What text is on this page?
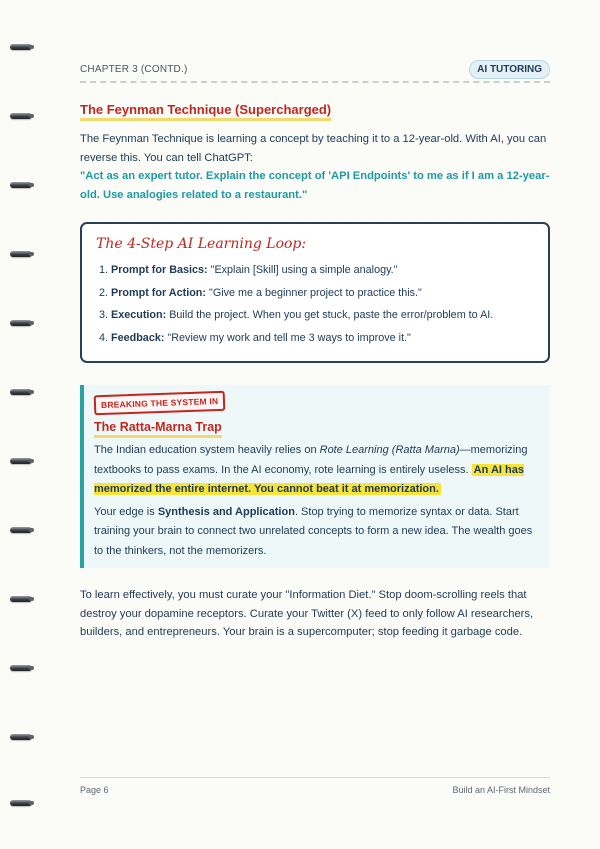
CHAPTER 3 (CONTD.)	AI TUTORING
The Feynman Technique (Supercharged)
The Feynman Technique is learning a concept by teaching it to a 12-year-old. With AI, you can reverse this. You can tell ChatGPT:
"Act as an expert tutor. Explain the concept of 'API Endpoints' to me as if I am a 12-year-old. Use analogies related to a restaurant."
The 4-Step AI Learning Loop:
1. Prompt for Basics: "Explain [Skill] using a simple analogy."
2. Prompt for Action: "Give me a beginner project to practice this."
3. Execution: Build the project. When you get stuck, paste the error/problem to AI.
4. Feedback: "Review my work and tell me 3 ways to improve it."
BREAKING THE SYSTEM IN
The Ratta-Marna Trap

The Indian education system heavily relies on Rote Learning (Ratta Marna)—memorizing textbooks to pass exams. In the AI economy, rote learning is entirely useless. An AI has memorized the entire internet. You cannot beat it at memorization.

Your edge is Synthesis and Application. Stop trying to memorize syntax or data. Start training your brain to connect two unrelated concepts to form a new idea. The wealth goes to the thinkers, not the memorizers.

To learn effectively, you must curate your "Information Diet." Stop doom-scrolling reels that destroy your dopamine receptors. Curate your Twitter (X) feed to only follow AI researchers, builders, and entrepreneurs. Your brain is a supercomputer; stop feeding it garbage code.
Page 6	Build an AI-First Mindset
